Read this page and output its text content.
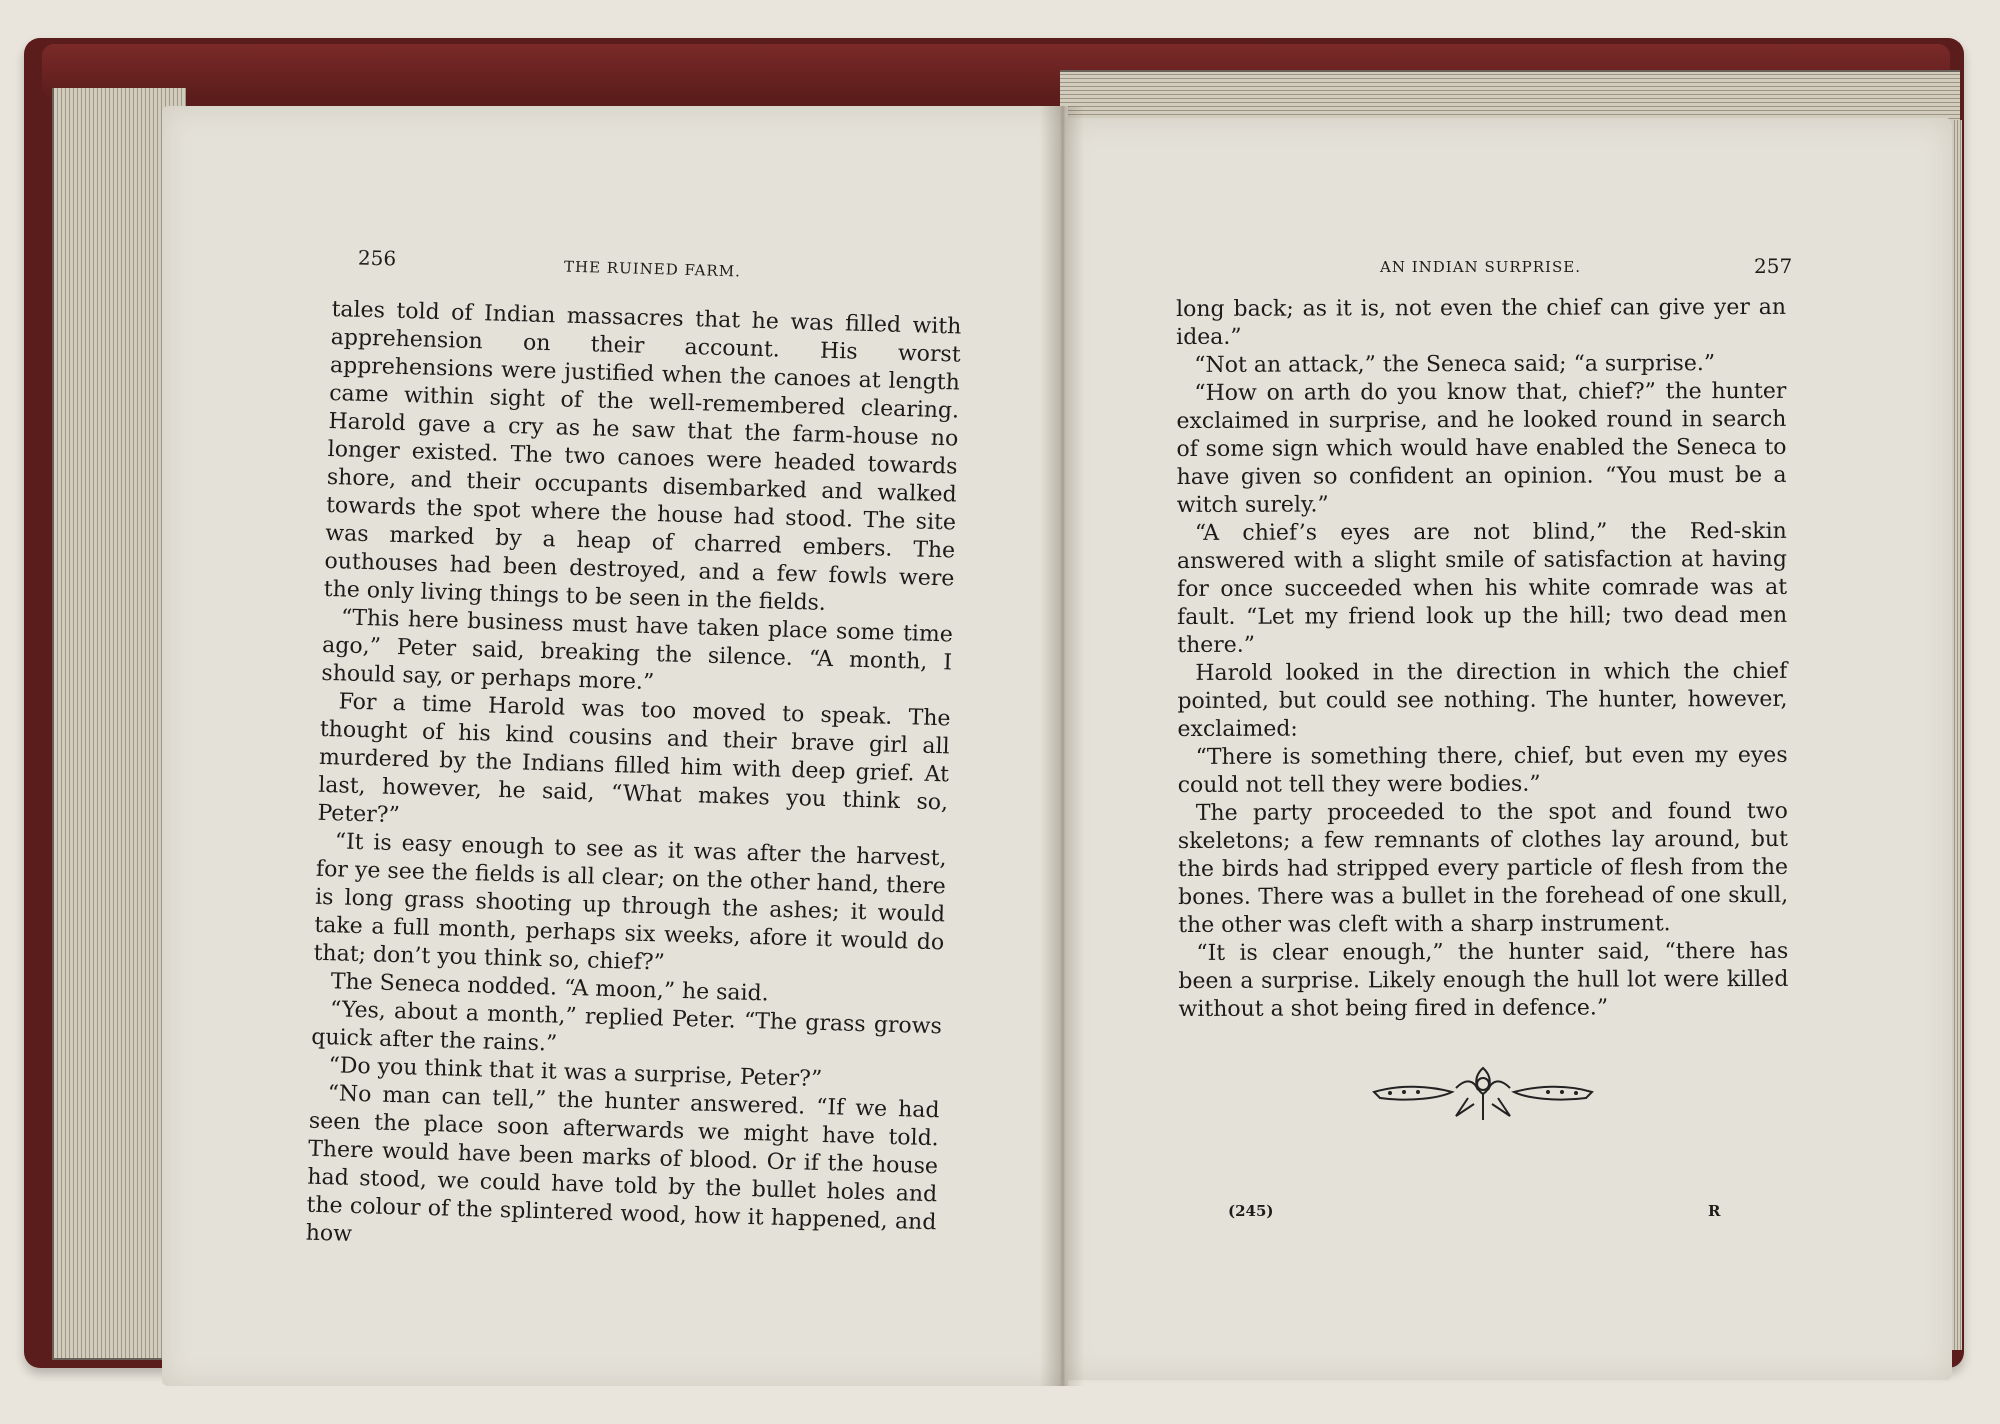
256	THE RUINED FARM.

tales told of Indian massacres that he was filled with apprehension on their account. His worst apprehensions were justified when the canoes at length came within sight of the well-remembered clearing. Harold gave a cry as he saw that the farm-house no longer existed. The two canoes were headed towards shore, and their occupants disembarked and walked towards the spot where the house had stood. The site was marked by a heap of charred embers. The outhouses had been destroyed, and a few fowls were the only living things to be seen in the fields.

“This here business must have taken place some time ago,” Peter said, breaking the silence. “A month, I should say, or perhaps more.”

For a time Harold was too moved to speak. The thought of his kind cousins and their brave girl all murdered by the Indians filled him with deep grief. At last, however, he said, “What makes you think so, Peter?”

“It is easy enough to see as it was after the harvest, for ye see the fields is all clear; on the other hand, there is long grass shooting up through the ashes; it would take a full month, perhaps six weeks, afore it would do that; don’t you think so, chief?”

The Seneca nodded. “A moon,” he said.

“Yes, about a month,” replied Peter. “The grass grows quick after the rains.”

“Do you think that it was a surprise, Peter?”

“No man can tell,” the hunter answered. “If we had seen the place soon afterwards we might have told. There would have been marks of blood. Or if the house had stood, we could have told by the bullet holes and the colour of the splintered wood, how it happened, and how

AN INDIAN SURPRISE.	257

long back; as it is, not even the chief can give yer an idea.”

“Not an attack,” the Seneca said; “a surprise.”

“How on arth do you know that, chief?” the hunter exclaimed in surprise, and he looked round in search of some sign which would have enabled the Seneca to have given so confident an opinion. “You must be a witch surely.”

“A chief’s eyes are not blind,” the Red-skin answered with a slight smile of satisfaction at having for once succeeded when his white comrade was at fault. “Let my friend look up the hill; two dead men there.”

Harold looked in the direction in which the chief pointed, but could see nothing. The hunter, however, exclaimed:

“There is something there, chief, but even my eyes could not tell they were bodies.”

The party proceeded to the spot and found two skeletons; a few remnants of clothes lay around, but the birds had stripped every particle of flesh from the bones. There was a bullet in the forehead of one skull, the other was cleft with a sharp instrument.

“It is clear enough,” the hunter said, “there has been a surprise. Likely enough the hull lot were killed without a shot being fired in defence.”

(245)	R
